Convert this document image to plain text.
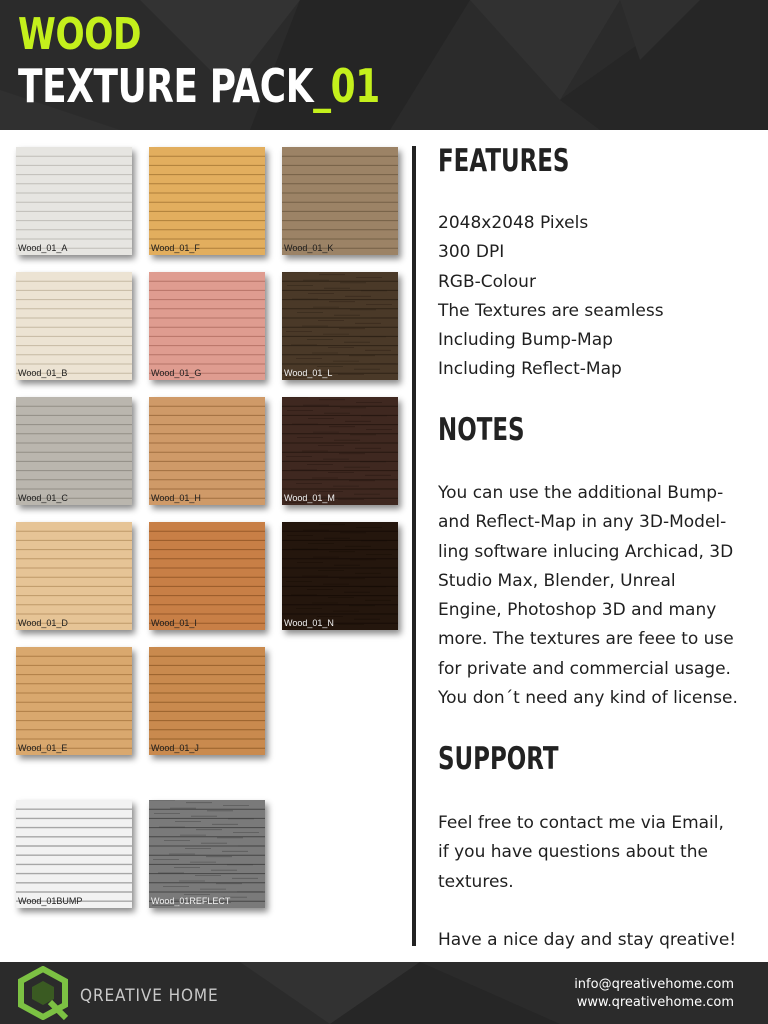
WOOD
TEXTURE PACK_01
Wood_01_A	Wood_01_F	Wood_01_K
Wood_01_B	Wood_01_G	Wood_01_L
Wood_01_C	Wood_01_H	Wood_01_M
Wood_01_D	Wood_01_I	Wood_01_N
Wood_01_E	Wood_01_J
Wood_01BUMP	Wood_01REFLECT
FEATURES
2048x2048 Pixels
300 DPI
RGB-Colour
The Textures are seamless
Including Bump-Map
Including Reflect-Map
NOTES
You can use the additional Bump-
and Reflect-Map in any 3D-Model-
ling software inlucing Archicad, 3D
Studio Max, Blender, Unreal
Engine, Photoshop 3D and many
more. The textures are feee to use
for private and commercial usage.
You don´t need any kind of license.
SUPPORT
Feel free to contact me via Email,
if you have questions about the
textures.
Have a nice day and stay qreative!
QREATIVE HOME
info@qreativehome.com
www.qreativehome.com
